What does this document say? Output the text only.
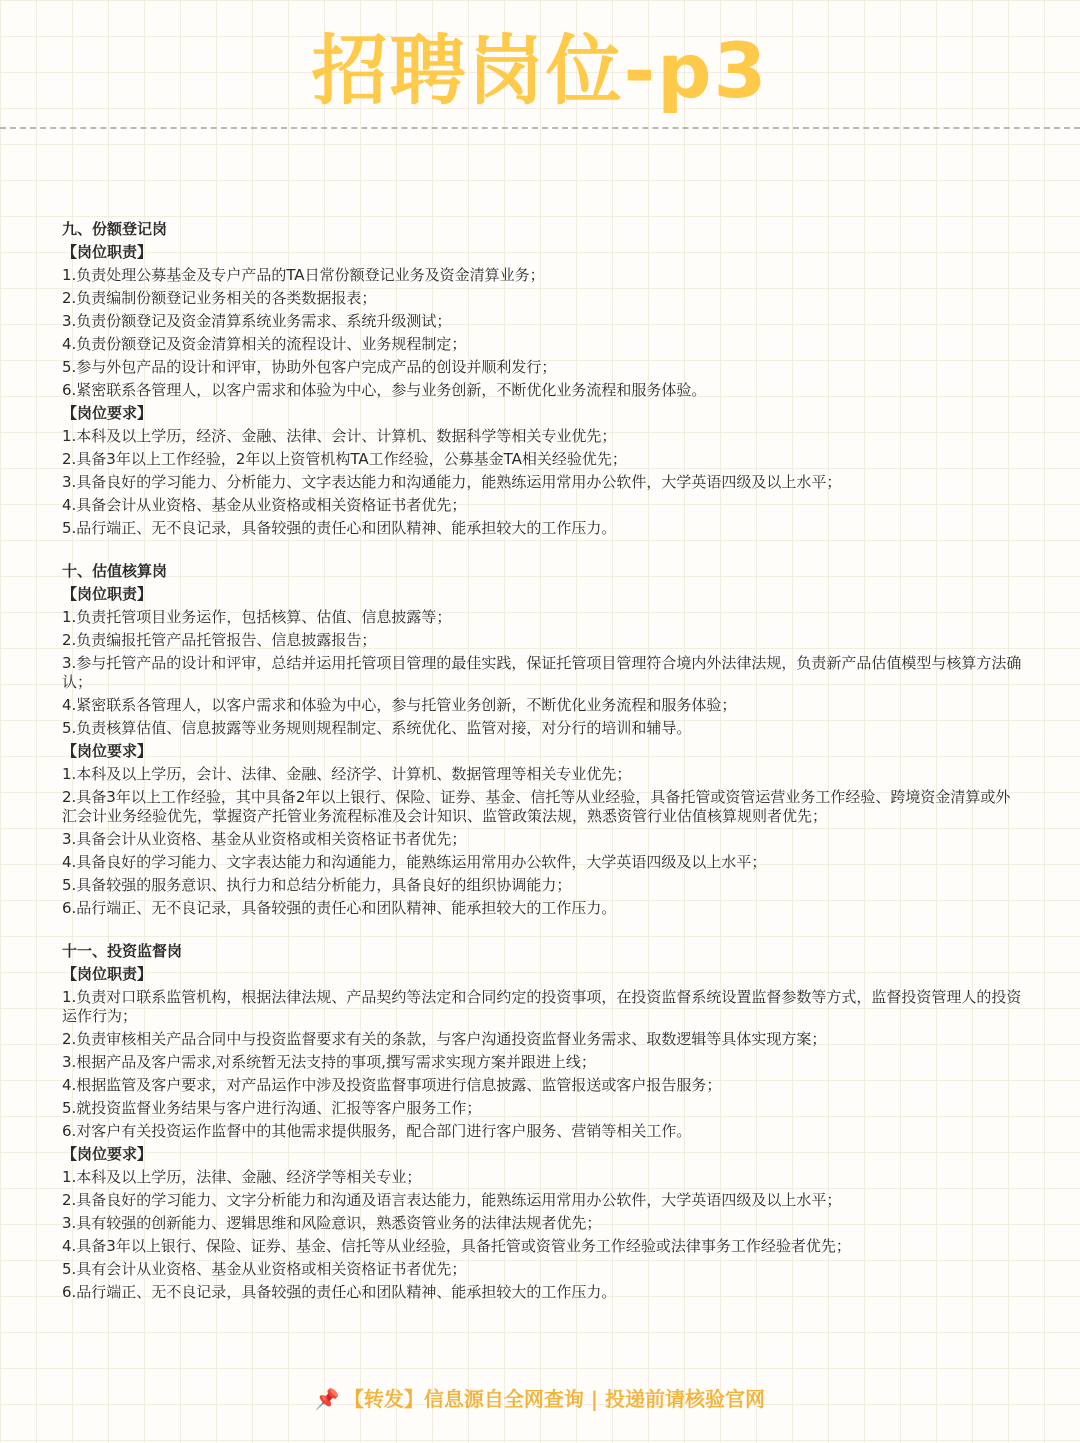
招聘岗位-p3
九、份额登记岗
【岗位职责】
1.负责处理公募基金及专户产品的TA日常份额登记业务及资金清算业务；
2.负责编制份额登记业务相关的各类数据报表；
3.负责份额登记及资金清算系统业务需求、系统升级测试；
4.负责份额登记及资金清算相关的流程设计、业务规程制定；
5.参与外包产品的设计和评审，协助外包客户完成产品的创设并顺利发行；
6.紧密联系各管理人，以客户需求和体验为中心，参与业务创新，不断优化业务流程和服务体验。
【岗位要求】
1.本科及以上学历，经济、金融、法律、会计、计算机、数据科学等相关专业优先；
2.具备3年以上工作经验，2年以上资管机构TA工作经验，公募基金TA相关经验优先；
3.具备良好的学习能力、分析能力、文字表达能力和沟通能力，能熟练运用常用办公软件，大学英语四级及以上水平；
4.具备会计从业资格、基金从业资格或相关资格证书者优先；
5.品行端正、无不良记录，具备较强的责任心和团队精神、能承担较大的工作压力。
十、估值核算岗
【岗位职责】
1.负责托管项目业务运作，包括核算、估值、信息披露等；
2.负责编报托管产品托管报告、信息披露报告；
3.参与托管产品的设计和评审，总结并运用托管项目管理的最佳实践，保证托管项目管理符合境内外法律法规，负责新产品估值模型与核算方法确认；
4.紧密联系各管理人，以客户需求和体验为中心，参与托管业务创新，不断优化业务流程和服务体验；
5.负责核算估值、信息披露等业务规则规程制定、系统优化、监管对接，对分行的培训和辅导。
【岗位要求】
1.本科及以上学历，会计、法律、金融、经济学、计算机、数据管理等相关专业优先；
2.具备3年以上工作经验，其中具备2年以上银行、保险、证券、基金、信托等从业经验，具备托管或资管运营业务工作经验、跨境资金清算或外汇会计业务经验优先，掌握资产托管业务流程标准及会计知识、监管政策法规，熟悉资管行业估值核算规则者优先；
3.具备会计从业资格、基金从业资格或相关资格证书者优先；
4.具备良好的学习能力、文字表达能力和沟通能力，能熟练运用常用办公软件，大学英语四级及以上水平；
5.具备较强的服务意识、执行力和总结分析能力，具备良好的组织协调能力；
6.品行端正、无不良记录，具备较强的责任心和团队精神、能承担较大的工作压力。
十一、投资监督岗
【岗位职责】
1.负责对口联系监管机构，根据法律法规、产品契约等法定和合同约定的投资事项，在投资监督系统设置监督参数等方式，监督投资管理人的投资运作行为；
2.负责审核相关产品合同中与投资监督要求有关的条款，与客户沟通投资监督业务需求、取数逻辑等具体实现方案；
3.根据产品及客户需求,对系统暂无法支持的事项,撰写需求实现方案并跟进上线；
4.根据监管及客户要求，对产品运作中涉及投资监督事项进行信息披露、监管报送或客户报告服务；
5.就投资监督业务结果与客户进行沟通、汇报等客户服务工作；
6.对客户有关投资运作监督中的其他需求提供服务，配合部门进行客户服务、营销等相关工作。
【岗位要求】
1.本科及以上学历，法律、金融、经济学等相关专业；
2.具备良好的学习能力、文字分析能力和沟通及语言表达能力，能熟练运用常用办公软件，大学英语四级及以上水平；
3.具有较强的创新能力、逻辑思维和风险意识，熟悉资管业务的法律法规者优先；
4.具备3年以上银行、保险、证券、基金、信托等从业经验，具备托管或资管业务工作经验或法律事务工作经验者优先；
5.具有会计从业资格、基金从业资格或相关资格证书者优先；
6.品行端正、无不良记录，具备较强的责任心和团队精神、能承担较大的工作压力。
📌 【转发】信息源自全网查询 | 投递前请核验官网
